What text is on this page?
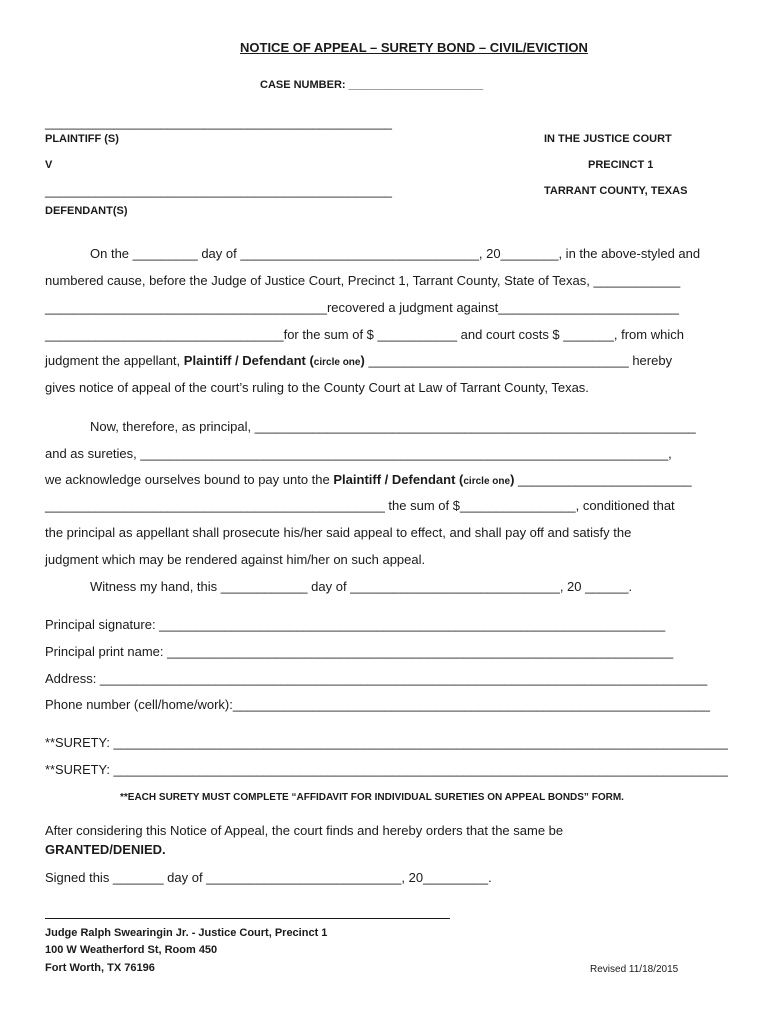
NOTICE OF APPEAL – SURETY BOND – CIVIL/EVICTION
CASE NUMBER: ______________________
________________________________________________
PLAINTIFF (S)
V
________________________________________________
DEFENDANT(S)
IN THE JUSTICE COURT
PRECINCT 1
TARRANT COUNTY, TEXAS
On the _________ day of _________________________________, 20________, in the above-styled and
numbered cause, before the Judge of Justice Court, Precinct 1, Tarrant County, State of Texas, ____________
_______________________________________recovered a judgment against_________________________
_________________________________for the sum of $ ___________ and court costs $ _______, from which
judgment the appellant, Plaintiff / Defendant (circle one) ____________________________________ hereby
gives notice of appeal of the court’s ruling to the County Court at Law of Tarrant County, Texas.
Now, therefore, as principal, _____________________________________________________________
and as sureties, _________________________________________________________________________,
we acknowledge ourselves bound to pay unto the Plaintiff / Defendant (circle one) ________________________
_______________________________________________ the sum of $________________, conditioned that
the principal as appellant shall prosecute his/her said appeal to effect, and shall pay off and satisfy the
judgment which may be rendered against him/her on such appeal.
Witness my hand, this ____________ day of _____________________________, 20 ______.
Principal signature: ______________________________________________________________________
Principal print name: ______________________________________________________________________
Address: ____________________________________________________________________________________
Phone number (cell/home/work):__________________________________________________________________
**SURETY: ______________________________________________________________________________________
**SURETY: ______________________________________________________________________________________
**EACH SURETY MUST COMPLETE “AFFIDAVIT FOR INDIVIDUAL SURETIES ON APPEAL BONDS” FORM.
After considering this Notice of Appeal, the court finds and hereby orders that the same be
GRANTED/DENIED.
Signed this _______ day of ___________________________, 20_________.
Judge Ralph Swearingin Jr. - Justice Court, Precinct 1
100 W Weatherford St, Room 450
Fort Worth, TX 76196	Revised 11/18/2015
